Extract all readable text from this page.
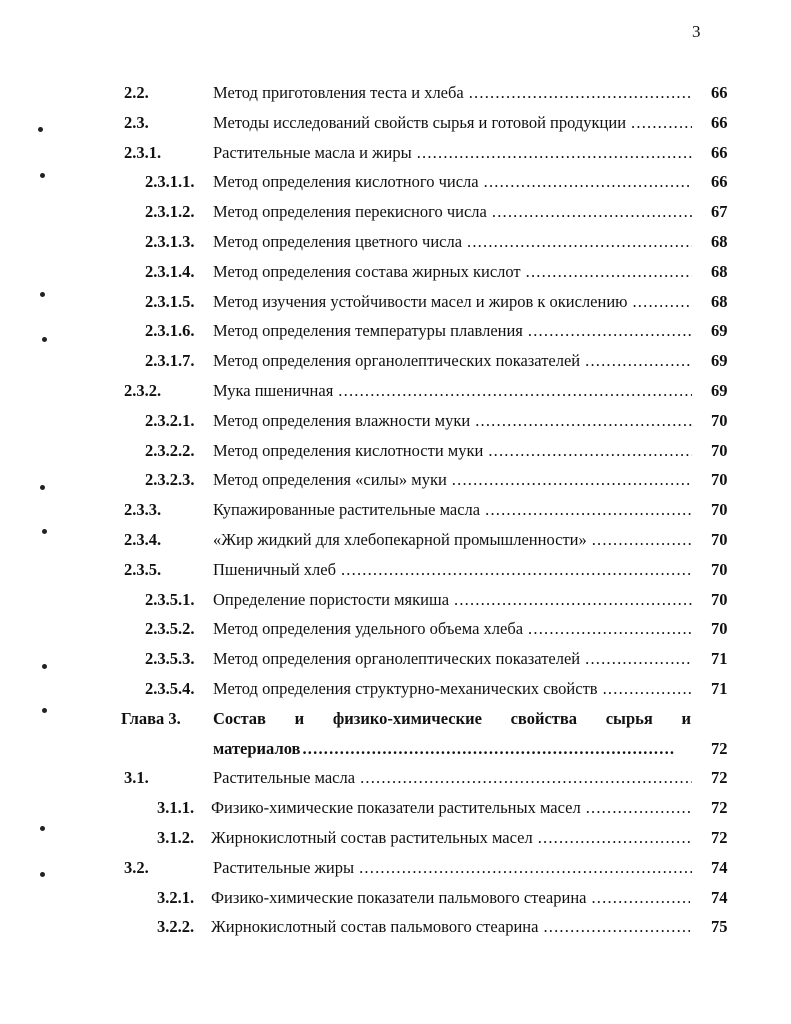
3
2.2.	Метод приготовления теста и хлеба .....	66
2.3.	Методы исследований свойств сырья и готовой продукции .....	66
2.3.1.	Растительные масла и жиры .....	66
2.3.1.1. Метод определения кислотного числа .....	66
2.3.1.2. Метод определения перекисного числа .....	67
2.3.1.3. Метод определения цветного числа .....	68
2.3.1.4. Метод определения состава жирных кислот .....	68
2.3.1.5. Метод изучения устойчивости масел и жиров к окислению .....	68
2.3.1.6. Метод определения температуры плавления .....	69
2.3.1.7. Метод определения органолептических показателей .....	69
2.3.2.	Мука пшеничная .....	69
2.3.2.1. Метод определения влажности муки .....	70
2.3.2.2. Метод определения кислотности муки .....	70
2.3.2.3. Метод определения «силы» муки .....	70
2.3.3.	Купажированные растительные масла .....	70
2.3.4.	«Жир жидкий для хлебопекарной промышленности» .....	70
2.3.5.	Пшеничный хлеб .....	70
2.3.5.1. Определение пористости мякиша .....	70
2.3.5.2. Метод определения удельного объема хлеба .....	70
2.3.5.3. Метод определения органолептических показателей .....	71
2.3.5.4. Метод определения структурно-механических свойств .....	71
Глава 3. Состав и физико-химические свойства сырья и
материалов .....	72
3.1.	Растительные масла .....	72
3.1.1. Физико-химические показатели растительных масел .....	72
3.1.2. Жирнокислотный состав растительных масел .....	72
3.2.	Растительные жиры .....	74
3.2.1. Физико-химические показатели пальмового стеарина .....	74
3.2.2. Жирнокислотный состав пальмового стеарина .....	75
